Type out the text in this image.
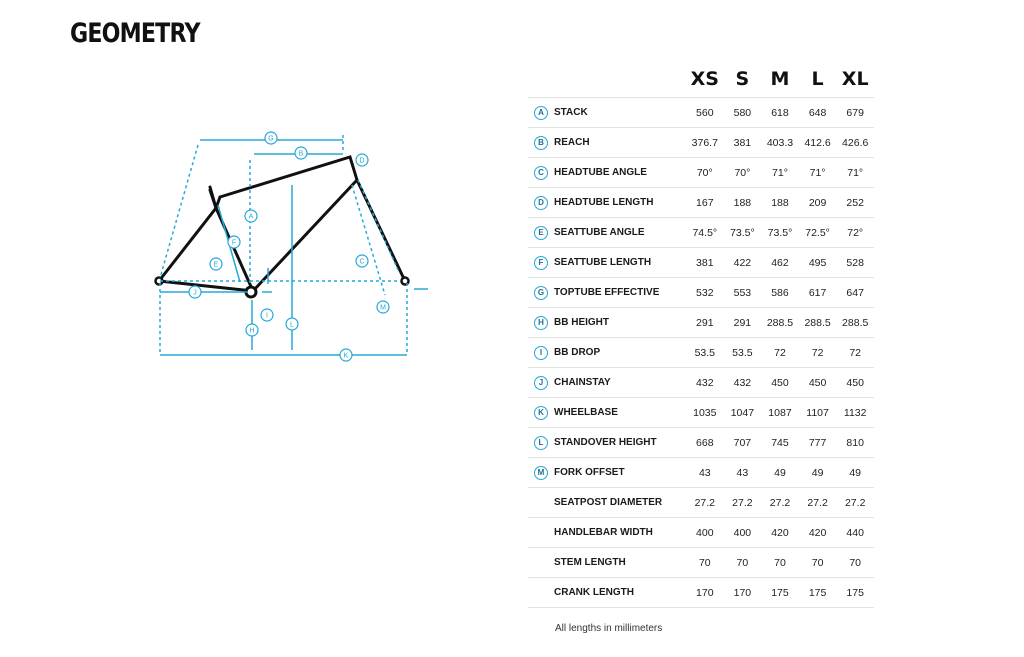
GEOMETRY
A
B
C
D
E
F
G
H
I
J
K
L
M
		XS	S	M	L	XL
A	STACK	560	580	618	648	679
B	REACH	376.7	381	403.3	412.6	426.6
C	HEADTUBE ANGLE	70°	70°	71°	71°	71°
D	HEADTUBE LENGTH	167	188	188	209	252
E	SEATTUBE ANGLE	74.5°	73.5°	73.5°	72.5°	72°
F	SEATTUBE LENGTH	381	422	462	495	528
G	TOPTUBE EFFECTIVE	532	553	586	617	647
H	BB HEIGHT	291	291	288.5	288.5	288.5
I	BB DROP	53.5	53.5	72	72	72
J	CHAINSTAY	432	432	450	450	450
K	WHEELBASE	1035	1047	1087	1107	1132
L	STANDOVER HEIGHT	668	707	745	777	810
M	FORK OFFSET	43	43	49	49	49
	SEATPOST DIAMETER	27.2	27.2	27.2	27.2	27.2
	HANDLEBAR WIDTH	400	400	420	420	440
	STEM LENGTH	70	70	70	70	70
	CRANK LENGTH	170	170	175	175	175
All lengths in millimeters
